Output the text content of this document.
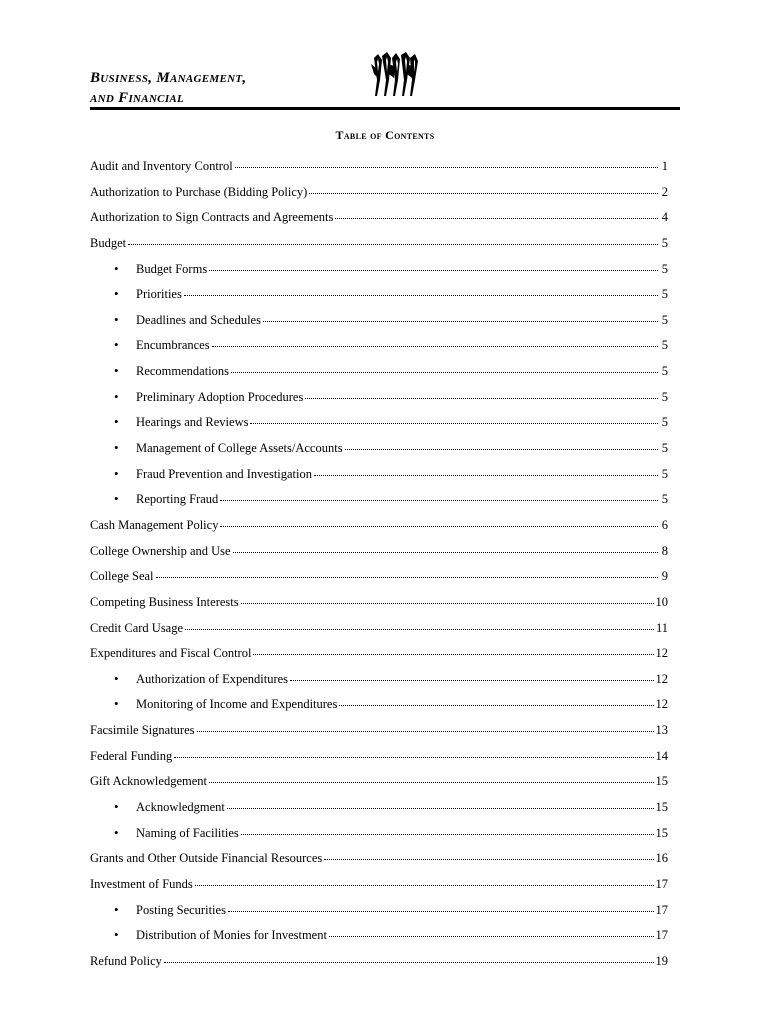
Business, Management,
and Financial
Table of Contents
Audit and Inventory Control	1
Authorization to Purchase (Bidding Policy)	2
Authorization to Sign Contracts and Agreements	4
Budget	5
•	Budget Forms	5
•	Priorities	5
•	Deadlines and Schedules	5
•	Encumbrances	5
•	Recommendations	5
•	Preliminary Adoption Procedures	5
•	Hearings and Reviews	5
•	Management of College Assets/Accounts	5
•	Fraud Prevention and Investigation	5
•	Reporting Fraud	5
Cash Management Policy	6
College Ownership and Use	8
College Seal	9
Competing Business Interests	10
Credit Card Usage	11
Expenditures and Fiscal Control	12
•	Authorization of Expenditures	12
•	Monitoring of Income and Expenditures	12
Facsimile Signatures	13
Federal Funding	14
Gift Acknowledgement	15
•	Acknowledgment	15
•	Naming of Facilities	15
Grants and Other Outside Financial Resources	16
Investment of Funds	17
•	Posting Securities	17
•	Distribution of Monies for Investment	17
Refund Policy	19
